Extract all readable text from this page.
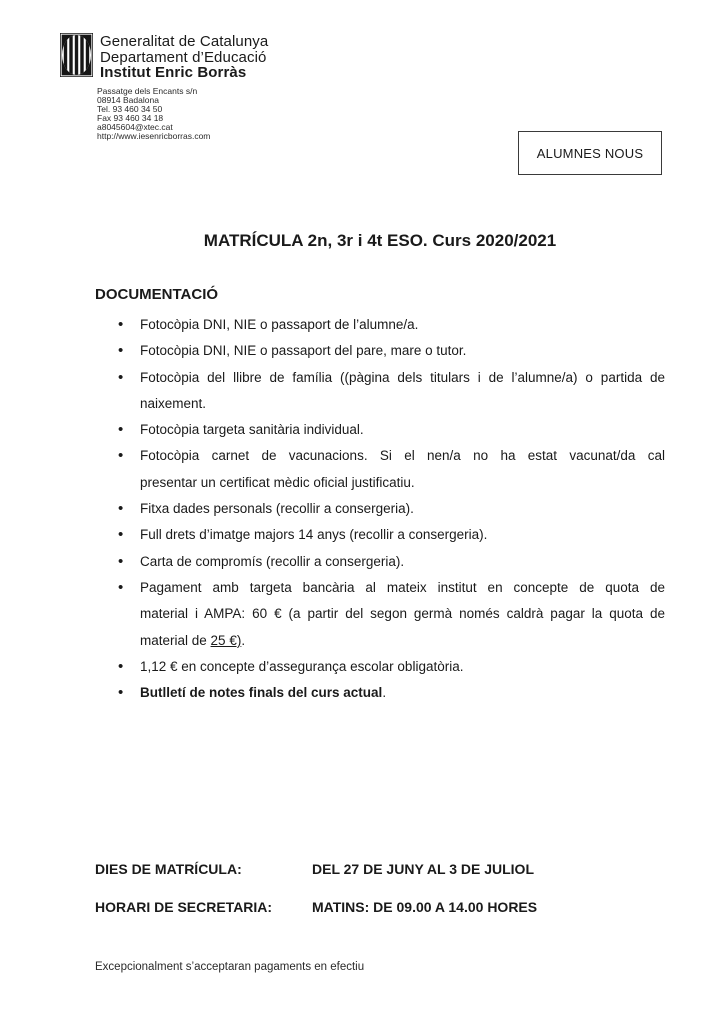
Generalitat de Catalunya
Departament d’Educació
Institut Enric Borràs
Passatge dels Encants s/n
08914 Badalona
Tel. 93 460 34 50
Fax 93 460 34 18
a8045604@xtec.cat
http://www.iesenricborras.com
ALUMNES NOUS
MATRÍCULA 2n, 3r i 4t ESO. Curs 2020/2021
DOCUMENTACIÓ
• Fotocòpia DNI, NIE o passaport de l’alumne/a.
• Fotocòpia DNI, NIE o passaport del pare, mare o tutor.
• Fotocòpia del llibre de família ((pàgina dels titulars i de l’alumne/a) o partida de
naixement.
• Fotocòpia targeta sanitària individual.
• Fotocòpia carnet de vacunacions. Si el nen/a no ha estat vacunat/da cal
presentar un certificat mèdic oficial justificatiu.
• Fitxa dades personals (recollir a consergeria).
• Full drets d’imatge majors 14 anys (recollir a consergeria).
• Carta de compromís (recollir a consergeria).
• Pagament amb targeta bancària al mateix institut en concepte de quota de
material i AMPA: 60 € (a partir del segon germà només caldrà pagar la quota de
material de 25 €).
• 1,12 € en concepte d’assegurança escolar obligatòria.
• Butlletí de notes finals del curs actual.
DIES DE MATRÍCULA:	DEL 27 DE JUNY AL 3 DE JULIOL
HORARI DE SECRETARIA:	MATINS: DE 09.00 A 14.00 HORES
Excepcionalment s’acceptaran pagaments en efectiu
